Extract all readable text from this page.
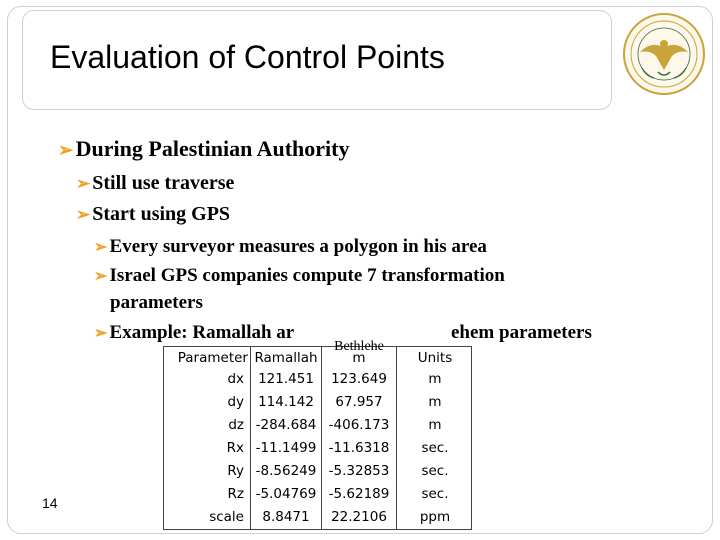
Evaluation of Control Points
➢During Palestinian Authority
➢ Still use traverse
➢ Start using GPS
➢ Every surveyor measures a polygon in his area
➢ Israel GPS companies compute 7 transformation
parameters
➢ Example: Ramallah ar	ehem parameters
Parameter
dx
dy
dz
Rx
Ry
Rz
scale
Ramallah
121.451
114.142
-284.684
-11.1499
-8.56249
-5.04769
8.8471
Bethlehe
m
123.649
67.957
-406.173
-11.6318
-5.32853
-5.62189
22.2106
Units
m
m
m
sec.
sec.
sec.
ppm
14
